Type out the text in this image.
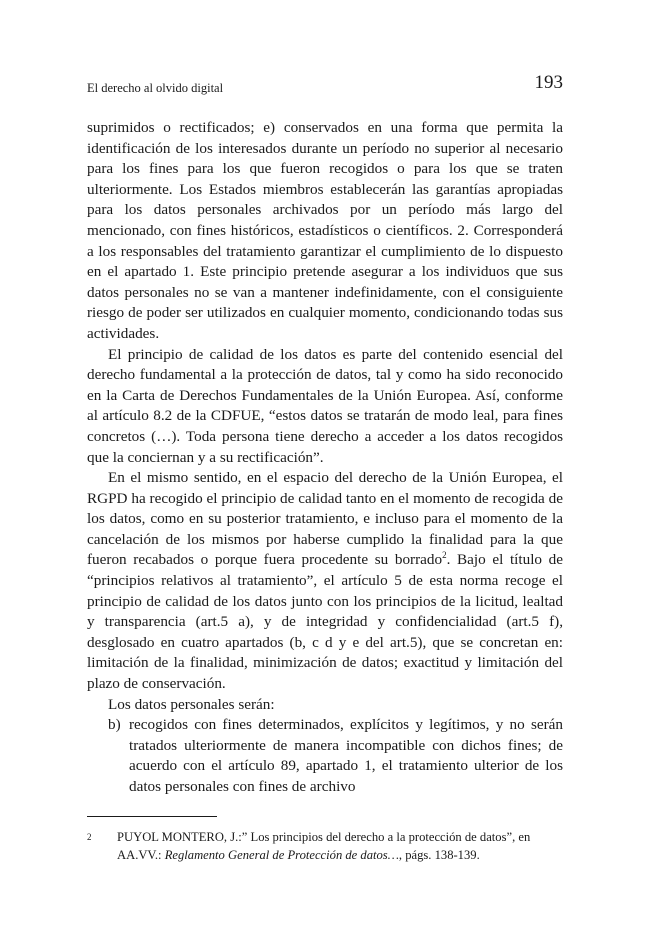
El derecho al olvido digital	193

suprimidos o rectificados; e) conservados en una forma que permita la identificación de los interesados durante un período no superior al necesario para los fines para los que fueron recogidos o para los que se traten ulteriormente. Los Estados miembros establecerán las garantías apropiadas para los datos personales archivados por un período más largo del mencionado, con fines históricos, estadísticos o científicos. 2. Corresponderá a los responsables del tratamiento garantizar el cumplimiento de lo dispuesto en el apartado 1. Este principio pretende asegurar a los individuos que sus datos personales no se van a mantener indefinidamente, con el consiguiente riesgo de poder ser utilizados en cualquier momento, condicionando todas sus actividades.

El principio de calidad de los datos es parte del contenido esencial del derecho fundamental a la protección de datos, tal y como ha sido reconocido en la Carta de Derechos Fundamentales de la Unión Europea. Así, conforme al artículo 8.2 de la CDFUE, “estos datos se tratarán de modo leal, para fines concretos (…). Toda persona tiene derecho a acceder a los datos recogidos que la conciernan y a su rectificación”.

En el mismo sentido, en el espacio del derecho de la Unión Europea, el RGPD ha recogido el principio de calidad tanto en el momento de recogida de los datos, como en su posterior tratamiento, e incluso para el momento de la cancelación de los mismos por haberse cumplido la finalidad para la que fueron recabados o porque fuera procedente su borrado$^2$. Bajo el título de “principios relativos al tratamiento”, el artículo 5 de esta norma recoge el principio de calidad de los datos junto con los principios de la licitud, lealtad y transparencia (art.5 a), y de integridad y confidencialidad (art.5 f), desglosado en cuatro apartados (b, c d y e del art.5), que se concretan en: limitación de la finalidad, minimización de datos; exactitud y limitación del plazo de conservación.

Los datos personales serán:

b) recogidos con fines determinados, explícitos y legítimos, y no serán tratados ulteriormente de manera incompatible con dichos fines; de acuerdo con el artículo 89, apartado 1, el tratamiento ulterior de los datos personales con fines de archivo
2 PUYOL MONTERO, J.:” Los principios del derecho a la protección de datos”, en AA.VV.: Reglamento General de Protección de datos…, págs. 138-139.
